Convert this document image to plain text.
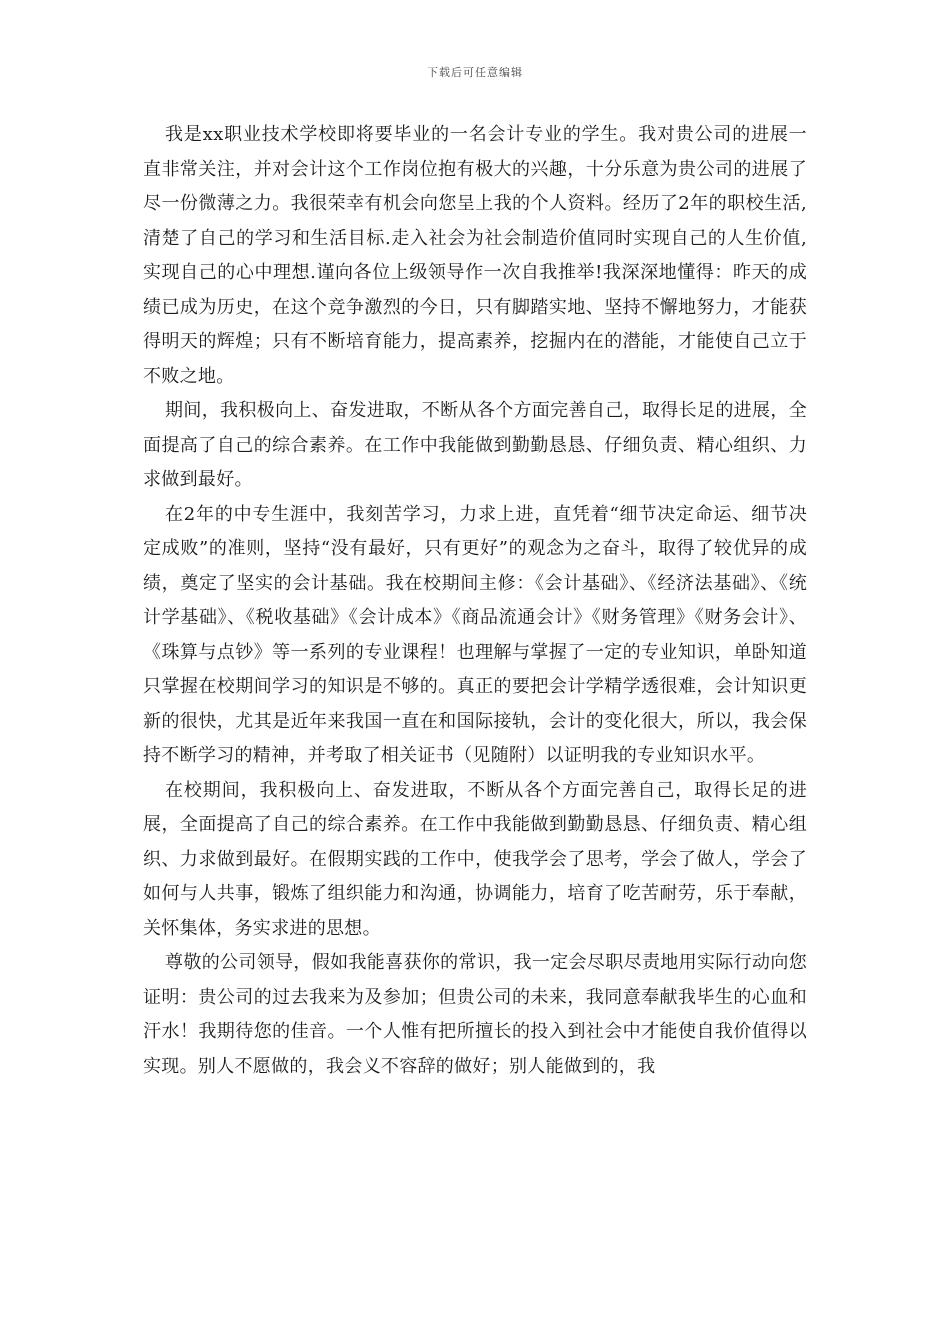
下载后可任意编辑

我是xx职业技术学校即将要毕业的一名会计专业的学生。我对贵公司的进展一直非常关注，并对会计这个工作岗位抱有极大的兴趣，十分乐意为贵公司的进展了尽一份微薄之力。我很荣幸有机会向您呈上我的个人资料。经历了2年的职校生活,清楚了自己的学习和生活目标.走入社会为社会制造价值同时实现自己的人生价值,实现自己的心中理想.谨向各位上级领导作一次自我推举!我深深地懂得：昨天的成绩已成为历史，在这个竞争激烈的今日，只有脚踏实地、坚持不懈地努力，才能获得明天的辉煌；只有不断培育能力，提高素养，挖掘内在的潜能，才能使自己立于不败之地。

期间，我积极向上、奋发进取，不断从各个方面完善自己，取得长足的进展，全面提高了自己的综合素养。在工作中我能做到勤勤恳恳、仔细负责、精心组织、力求做到最好。

在2年的中专生涯中，我刻苦学习，力求上进，直凭着“细节决定命运、细节决定成败”的准则，坚持“没有最好，只有更好”的观念为之奋斗，取得了较优异的成绩，奠定了坚实的会计基础。我在校期间主修：《会计基础》、《经济法基础》、《统计学基础》、《税收基础》《会计成本》《商品流通会计》《财务管理》《财务会计》、《珠算与点钞》等一系列的专业课程！也理解与掌握了一定的专业知识，单卧知道只掌握在校期间学习的知识是不够的。真正的要把会计学精学透很难，会计知识更新的很快，尤其是近年来我国一直在和国际接轨，会计的变化很大，所以，我会保持不断学习的精神，并考取了相关证书（见随附）以证明我的专业知识水平。

在校期间，我积极向上、奋发进取，不断从各个方面完善自己，取得长足的进展，全面提高了自己的综合素养。在工作中我能做到勤勤恳恳、仔细负责、精心组织、力求做到最好。在假期实践的工作中，使我学会了思考，学会了做人，学会了如何与人共事，锻炼了组织能力和沟通，协调能力，培育了吃苦耐劳，乐于奉献，关怀集体，务实求进的思想。

尊敬的公司领导，假如我能喜获你的常识，我一定会尽职尽责地用实际行动向您证明：贵公司的过去我来为及参加；但贵公司的未来，我同意奉献我毕生的心血和汗水！我期待您的佳音。一个人惟有把所擅长的投入到社会中才能使自我价值得以实现。别人不愿做的，我会义不容辞的做好；别人能做到的，我
